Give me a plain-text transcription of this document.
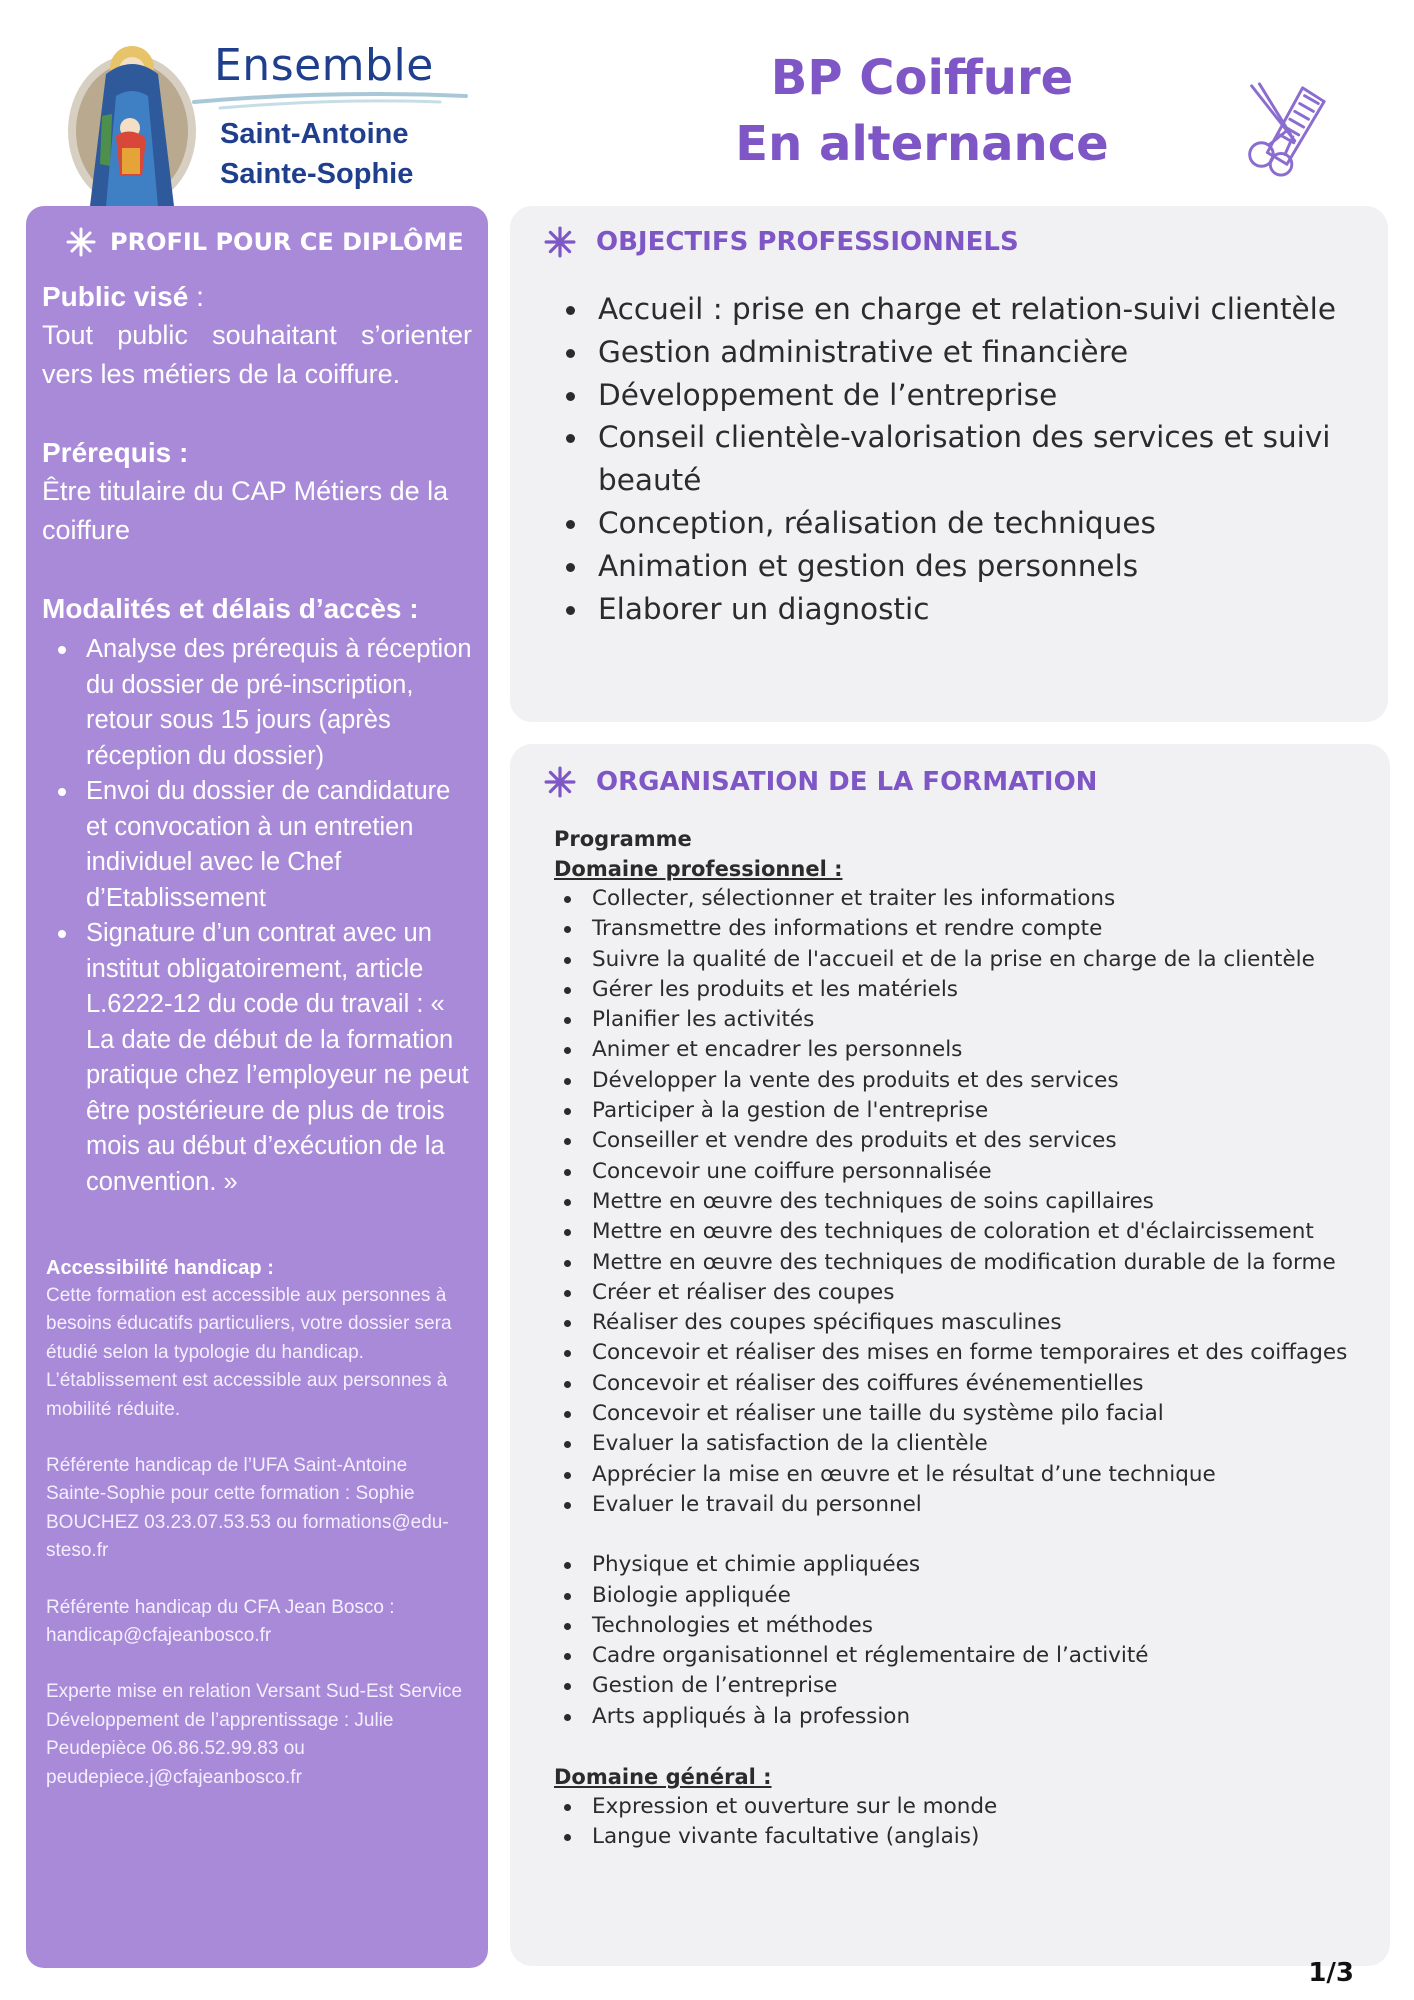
Ensemble
Saint-Antoine
Sainte-Sophie
BP Coiffure
En alternance
PROFIL POUR CE DIPLÔME
Public visé :
Tout public souhaitant s’orienter vers les métiers de la coiffure.
Prérequis :
Être titulaire du CAP Métiers de la coiffure
Modalités et délais d’accès :
Analyse des prérequis à réception du dossier de pré-inscription, retour sous 15 jours (après réception du dossier)
Envoi du dossier de candidature et convocation à un entretien individuel avec le Chef d’Etablissement
Signature d’un contrat avec un institut obligatoirement, article L.6222-12 du code du travail : « La date de début de la formation pratique chez l’employeur ne peut être postérieure de plus de trois mois au début d’exécution de la convention. »
Accessibilité handicap :
Cette formation est accessible aux personnes à besoins éducatifs particuliers, votre dossier sera étudié selon la typologie du handicap. L’établissement est accessible aux personnes à mobilité réduite.
Référente handicap de l’UFA Saint-Antoine Sainte-Sophie pour cette formation : Sophie BOUCHEZ 03.23.07.53.53 ou formations@edu-steso.fr
Référente handicap du CFA Jean Bosco : handicap@cfajeanbosco.fr
Experte mise en relation Versant Sud-Est Service Développement de l’apprentissage : Julie Peudepièce 06.86.52.99.83 ou peudepiece.j@cfajeanbosco.fr
OBJECTIFS PROFESSIONNELS
Accueil : prise en charge et relation-suivi clientèle
Gestion administrative et financière
Développement de l’entreprise
Conseil clientèle-valorisation des services et suivi beauté
Conception, réalisation de techniques
Animation et gestion des personnels
Elaborer un diagnostic
ORGANISATION DE LA FORMATION
Programme
Domaine professionnel :
Collecter, sélectionner et traiter les informations
Transmettre des informations et rendre compte
Suivre la qualité de l'accueil et de la prise en charge de la clientèle
Gérer les produits et les matériels
Planifier les activités
Animer et encadrer les personnels
Développer la vente des produits et des services
Participer à la gestion de l'entreprise
Conseiller et vendre des produits et des services
Concevoir une coiffure personnalisée
Mettre en œuvre des techniques de soins capillaires
Mettre en œuvre des techniques de coloration et d'éclaircissement
Mettre en œuvre des techniques de modification durable de la forme
Créer et réaliser des coupes
Réaliser des coupes spécifiques masculines
Concevoir et réaliser des mises en forme temporaires et des coiffages
Concevoir et réaliser des coiffures événementielles
Concevoir et réaliser une taille du système pilo facial
Evaluer la satisfaction de la clientèle
Apprécier la mise en œuvre et le résultat d’une technique
Evaluer le travail du personnel
Physique et chimie appliquées
Biologie appliquée
Technologies et méthodes
Cadre organisationnel et réglementaire de l’activité
Gestion de l’entreprise
Arts appliqués à la profession
Domaine général :
Expression et ouverture sur le monde
Langue vivante facultative (anglais)
1/3
